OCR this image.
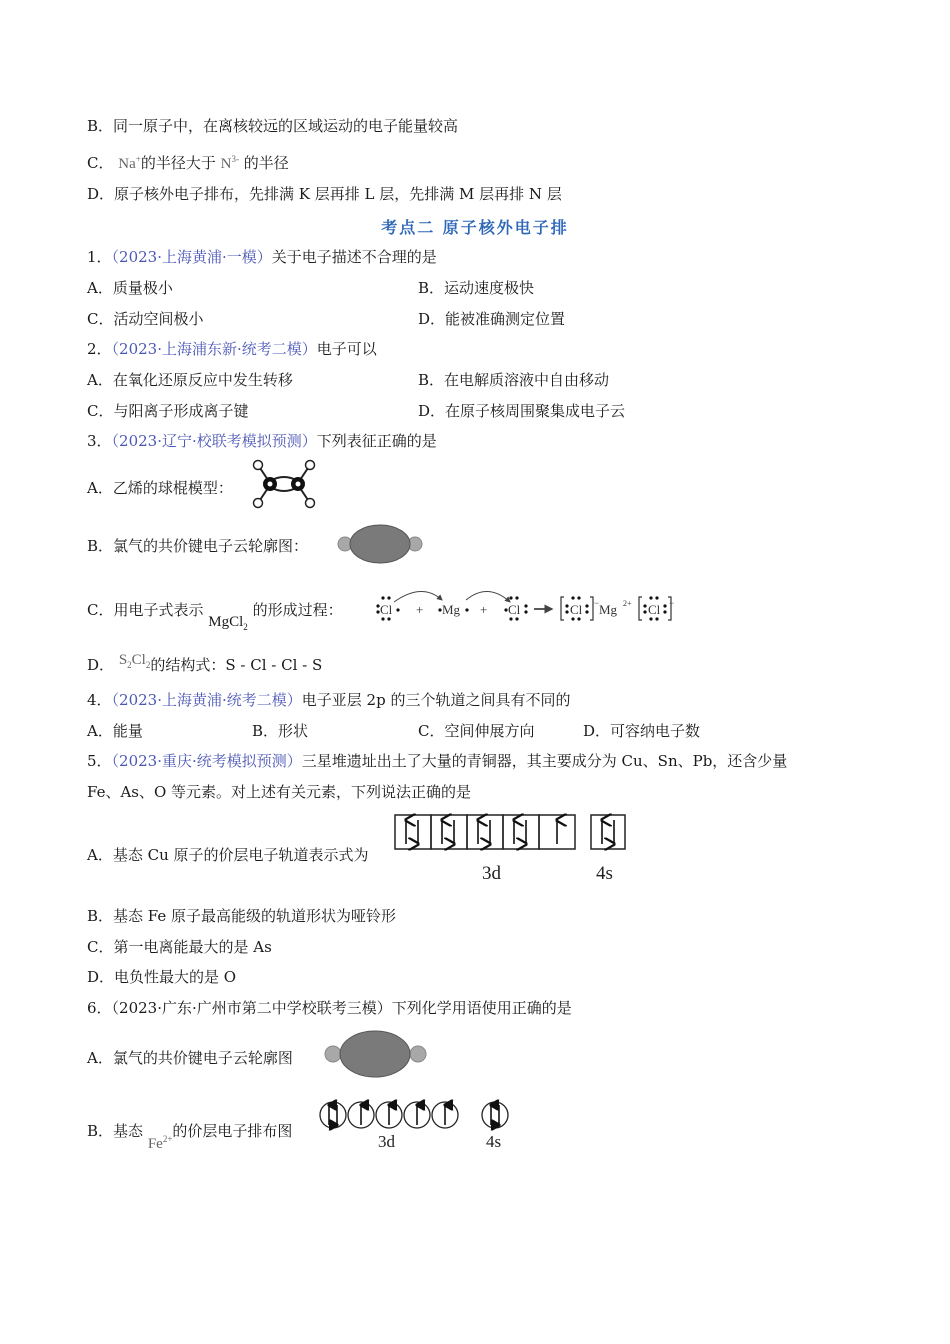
B．同一原子中，在离核较远的区域运动的电子能量较高
C． Na+的半径大于 $N^{3-}$ 的半径
D．原子核外电子排布，先排满 K 层再排 L 层，先排满 M 层再排 N 层
考点二 原子核外电子排
1．（2023·上海黄浦·一模）关于电子描述不合理的是
A．质量极小	B．运动速度极快
C．活动空间极小	D．能被准确测定位置
2．（2023·上海浦东新·统考二模）电子可以
A．在氧化还原反应中发生转移	B．在电解质溶液中自由移动
C．与阳离子形成离子键	D．在原子核周围聚集成电子云
3．（2023·辽宁·校联考模拟预测）下列表征正确的是
A．乙烯的球棍模型：
B．氯气的共价键电子云轮廓图：
C．用电子式表示 MgCl$_2$ 的形成过程：	Cl + Mg + Cl	Cl Mg 2+ Cl
−	−
D． $S_2Cl_2$的结构式：S - Cl - Cl - S
4．（2023·上海黄浦·统考二模）电子亚层 2p 的三个轨道之间具有不同的
A．能量	B．形状	C．空间伸展方向	D．可容纳电子数
5．（2023·重庆·统考模拟预测）三星堆遗址出土了大量的青铜器，其主要成分为 Cu、Sn、Pb，还含少量
Fe、As、O 等元素。对上述有关元素，下列说法正确的是
A．基态 Cu 原子的价层电子轨道表示式为
3d	4s
B．基态 Fe 原子最高能级的轨道形状为哑铃形
C．第一电离能最大的是 As
D．电负性最大的是 O
6．（2023·广东·广州市第二中学校联考三模）下列化学用语使用正确的是
A．氯气的共价键电子云轮廓图
B．基态 $Fe^{2+}$的价层电子排布图
3d	4s
